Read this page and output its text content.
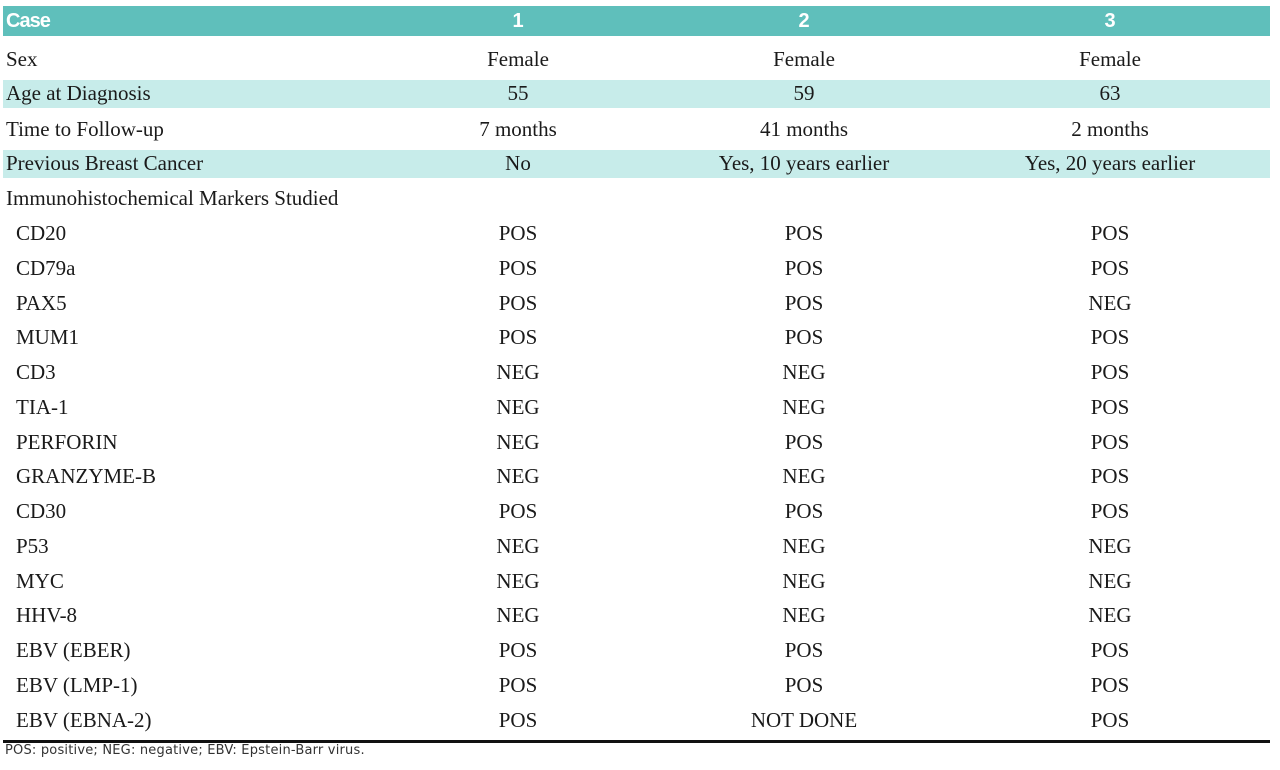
Case	1	2	3
Sex	Female	Female	Female
Age at Diagnosis	55	59	63
Time to Follow-up	7 months	41 months	2 months
Previous Breast Cancer	No	Yes, 10 years earlier	Yes, 20 years earlier
Immunohistochemical Markers Studied
CD20	POS	POS	POS
CD79a	POS	POS	POS
PAX5	POS	POS	NEG
MUM1	POS	POS	POS
CD3	NEG	NEG	POS
TIA-1	NEG	NEG	POS
PERFORIN	NEG	POS	POS
GRANZYME-B	NEG	NEG	POS
CD30	POS	POS	POS
P53	NEG	NEG	NEG
MYC	NEG	NEG	NEG
HHV-8	NEG	NEG	NEG
EBV (EBER)	POS	POS	POS
EBV (LMP-1)	POS	POS	POS
EBV (EBNA-2)	POS	NOT DONE	POS
POS: positive; NEG: negative; EBV: Epstein-Barr virus.
